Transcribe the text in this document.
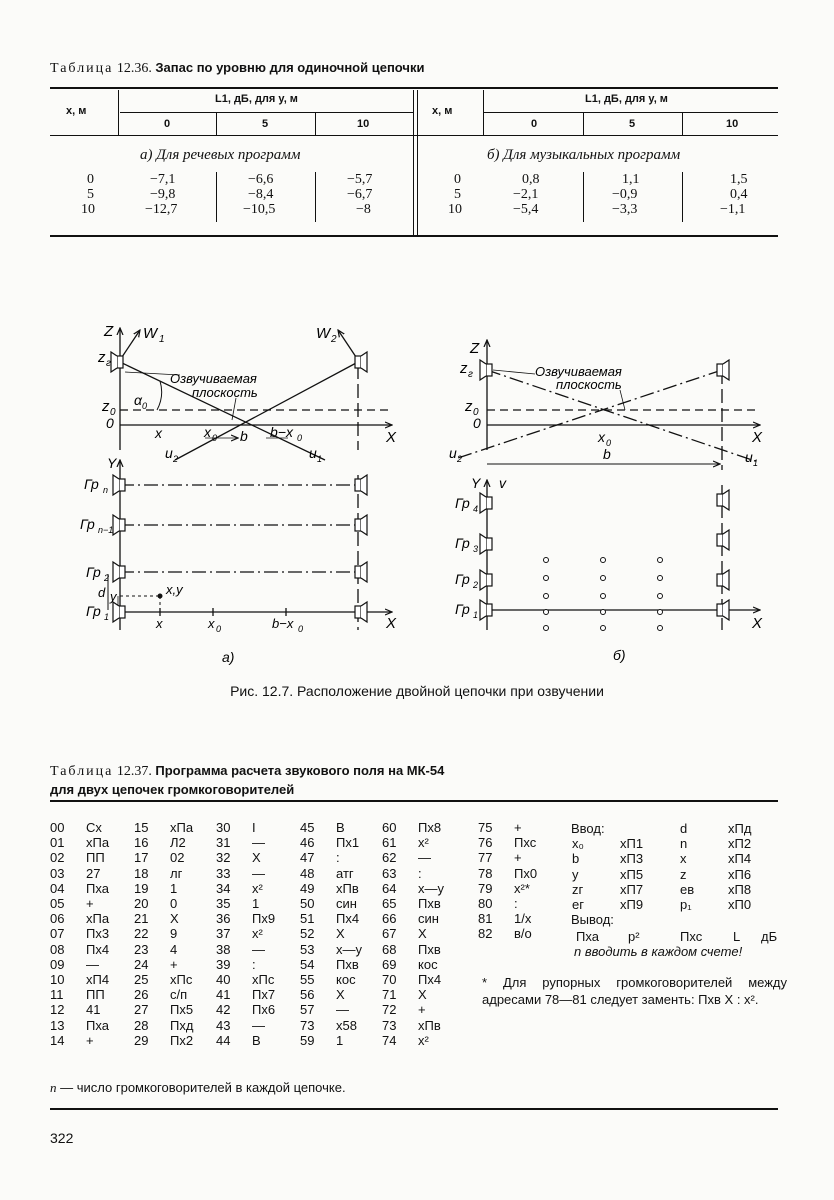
Таблица 12.36. Запас по уровню для одиночной цепочки
x, м	x, м
L1, дБ, для y, м	L1, дБ, для y, м
0	5	10	0	5	10
а) Для речевых программ	б) Для музыкальных программ
0	−7,1	−6,6	−5,7
5	−9,8	−8,4	−6,7
10	−12,7	−10,5	−8
0	0,8	1,1	1,5
5	−2,1	−0,9	0,4
10	−5,4	−3,3	−1,1
Z W 1	W 2
z г
Озвучиваемая
плоскость
α 0
z 0
0
x	x 0 b b−x 0	X
u 2	u 1
Y
Гр n
Гр n−1
Гр 2
Гр 1
d y	x,y
x	x 0	b−x 0	X
а)
Z
z г	Озвучиваемая
плоскость
z 0
0
x 0	X
u 2	u 1
b
Y v
Гр 4
Гр 3
Гр 2
Гр 1	X
б)
Рис. 12.7. Расположение двойной цепочки при озвучении
Таблица 12.37. Программа расчета звукового поля на МК-54
для двух цепочек громкоговорителей
00 Сх
01 хПа
02 ПП
03 27
04 Пха
05 +
06 хПа
07 Пх3
08 Пх4
09 —
10 хП4
11 ПП
12 41
13 Пха
14 +
15 хПа
16 Л2
17 02
18 лг
19 1
20 0
21 Х
22 9
23 4
24 +
25 хПс
26 с/п
27 Пх5
28 Пхд
29 Пх2
30 I
31 —
32 Х
33 —
34 х²
35 1
36 Пх9
37 х²
38 —
39 :
40 хПс
41 Пх7
42 Пх6
43 —
44 В
45 В
46 Пх1
47 :
48 атг
49 хПв
50 син
51 Пх4
52 Х
53 х—у
54 Пхв
55 кос
56 Х
57 —
73 х58
59 1
60 Пх8
61 х²
62 —
63 :
64 х—у
65 Пхв
66 син
67 Х
68 Пхв
69 кос
70 Пх4
71 Х
72 +
73 хПв
74 х²
75 +
76 Пхс
77 +
78 Пх0
79 х²*
80 :
81 1/х
82 в/о
Ввод:	d	хПд
x₀	хП1	n	хП2
b	хП3	x	хП4
y	хП5	z	хП6
zг	хП7	eв	хП8
eг	хП9	p₁	хП0
Вывод:
Пха p²	Пхс L дБ
n вводить в каждом счете!
* Для рупорных громкоговорителей между адресами 78—81 следует заменть: Пхв Х : х².
n — число громкоговорителей в каждой цепочке.
322
